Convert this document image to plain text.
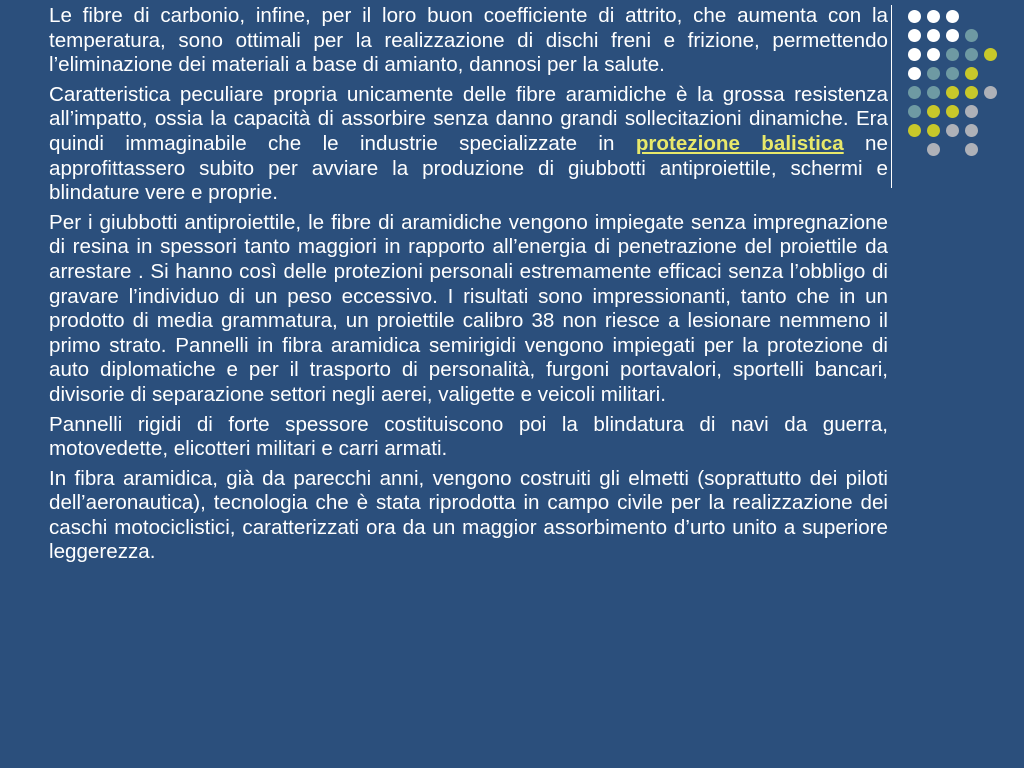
Le fibre di carbonio, infine, per il loro buon coefficiente di attrito, che aumenta con la temperatura, sono ottimali per la realizzazione di dischi freni e frizione, permettendo l’eliminazione dei materiali a base di amianto, dannosi per la salute.

Caratteristica peculiare propria unicamente delle fibre aramidiche è la grossa resistenza all’impatto, ossia la capacità di assorbire senza danno grandi sollecitazioni dinamiche. Era quindi immaginabile che le industrie specializzate in protezione balistica ne approfittassero subito per avviare la produzione di giubbotti antiproiettile, schermi e blindature vere e proprie.

Per i giubbotti antiproiettile, le fibre di aramidiche vengono impiegate senza impregnazione di resina in spessori tanto maggiori in rapporto all’energia di penetrazione del proiettile da arrestare . Si hanno così delle protezioni personali estremamente efficaci senza l’obbligo di gravare l’individuo di un peso eccessivo. I risultati sono impressionanti, tanto che in un prodotto di media grammatura, un proiettile calibro 38 non riesce a lesionare nemmeno il primo strato. Pannelli in fibra aramidica semirigidi vengono impiegati per la protezione di auto diplomatiche e per il trasporto di personalità, furgoni portavalori, sportelli bancari, divisorie di separazione settori negli aerei, valigette e veicoli militari.

Pannelli rigidi di forte spessore costituiscono poi la blindatura di navi da guerra, motovedette, elicotteri militari e carri armati.

In fibra aramidica, già da parecchi anni, vengono costruiti gli elmetti (soprattutto dei piloti dell’aeronautica), tecnologia che è stata riprodotta in campo civile per la realizzazione dei caschi motociclistici, caratterizzati ora da un maggior assorbimento d’urto unito a superiore leggerezza.
